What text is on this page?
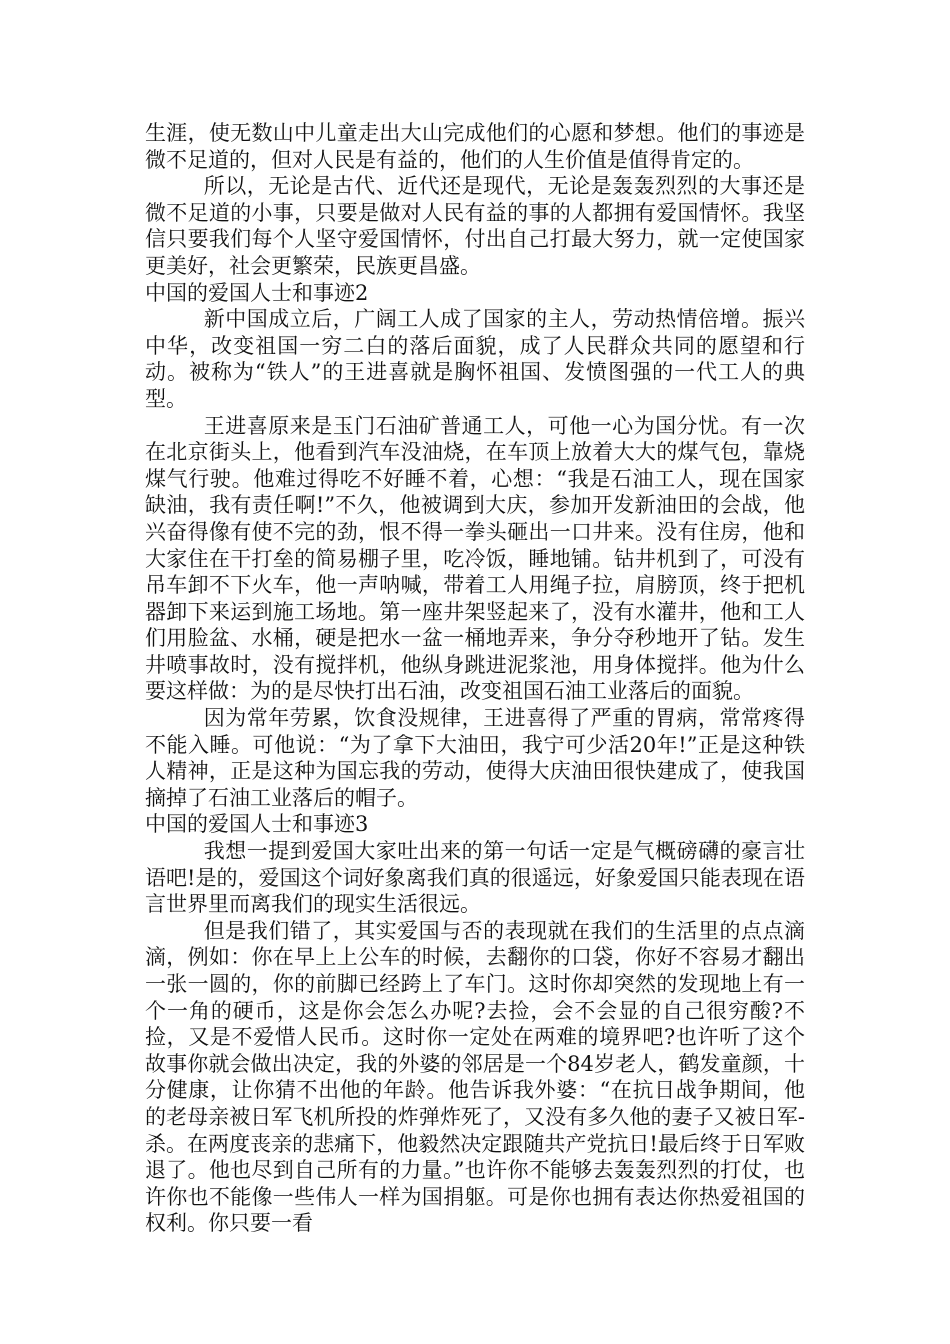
生涯，使无数山中儿童走出大山完成他们的心愿和梦想。他们的事迹是微不足道的，但对人民是有益的，他们的人生价值是值得肯定的。

所以，无论是古代、近代还是现代，无论是轰轰烈烈的大事还是微不足道的小事，只要是做对人民有益的事的人都拥有爱国情怀。我坚信只要我们每个人坚守爱国情怀，付出自己打最大努力，就一定使国家更美好，社会更繁荣，民族更昌盛。

中国的爱国人士和事迹2

新中国成立后，广阔工人成了国家的主人，劳动热情倍增。振兴中华，改变祖国一穷二白的落后面貌，成了人民群众共同的愿望和行动。被称为“铁人”的王进喜就是胸怀祖国、发愤图强的一代工人的典型。

王进喜原来是玉门石油矿普通工人，可他一心为国分忧。有一次在北京街头上，他看到汽车没油烧，在车顶上放着大大的煤气包，靠烧煤气行驶。他难过得吃不好睡不着，心想：“我是石油工人，现在国家缺油，我有责任啊!”不久，他被调到大庆，参加开发新油田的会战，他兴奋得像有使不完的劲，恨不得一拳头砸出一口井来。没有住房，他和大家住在干打垒的简易棚子里，吃冷饭，睡地铺。钻井机到了，可没有吊车卸不下火车，他一声呐喊，带着工人用绳子拉，肩膀顶，终于把机器卸下来运到施工场地。第一座井架竖起来了，没有水灌井，他和工人们用脸盆、水桶，硬是把水一盆一桶地弄来，争分夺秒地开了钻。发生井喷事故时，没有搅拌机，他纵身跳进泥浆池，用身体搅拌。他为什么要这样做：为的是尽快打出石油，改变祖国石油工业落后的面貌。

因为常年劳累，饮食没规律，王进喜得了严重的胃病，常常疼得不能入睡。可他说：“为了拿下大油田，我宁可少活20年!”正是这种铁人精神，正是这种为国忘我的劳动，使得大庆油田很快建成了，使我国摘掉了石油工业落后的帽子。

中国的爱国人士和事迹3

我想一提到爱国大家吐出来的第一句话一定是气概磅礴的豪言壮语吧!是的，爱国这个词好象离我们真的很遥远，好象爱国只能表现在语言世界里而离我们的现实生活很远。

但是我们错了，其实爱国与否的表现就在我们的生活里的点点滴滴，例如：你在早上上公车的时候，去翻你的口袋，你好不容易才翻出一张一圆的，你的前脚已经跨上了车门。这时你却突然的发现地上有一个一角的硬币，这是你会怎么办呢?去捡，会不会显的自己很穷酸?不捡，又是不爱惜人民币。这时你一定处在两难的境界吧?也许听了这个故事你就会做出决定，我的外婆的邻居是一个84岁老人，鹤发童颜，十分健康，让你猜不出他的年龄。他告诉我外婆：“在抗日战争期间，他的老母亲被日军飞机所投的炸弹炸死了，又没有多久他的妻子又被日军-杀。在两度丧亲的悲痛下，他毅然决定跟随共产党抗日!最后终于日军败退了。他也尽到自己所有的力量。”也许你不能够去轰轰烈烈的打仗，也许你也不能像一些伟人一样为国捐躯。可是你也拥有表达你热爱祖国的权利。你只要一看
